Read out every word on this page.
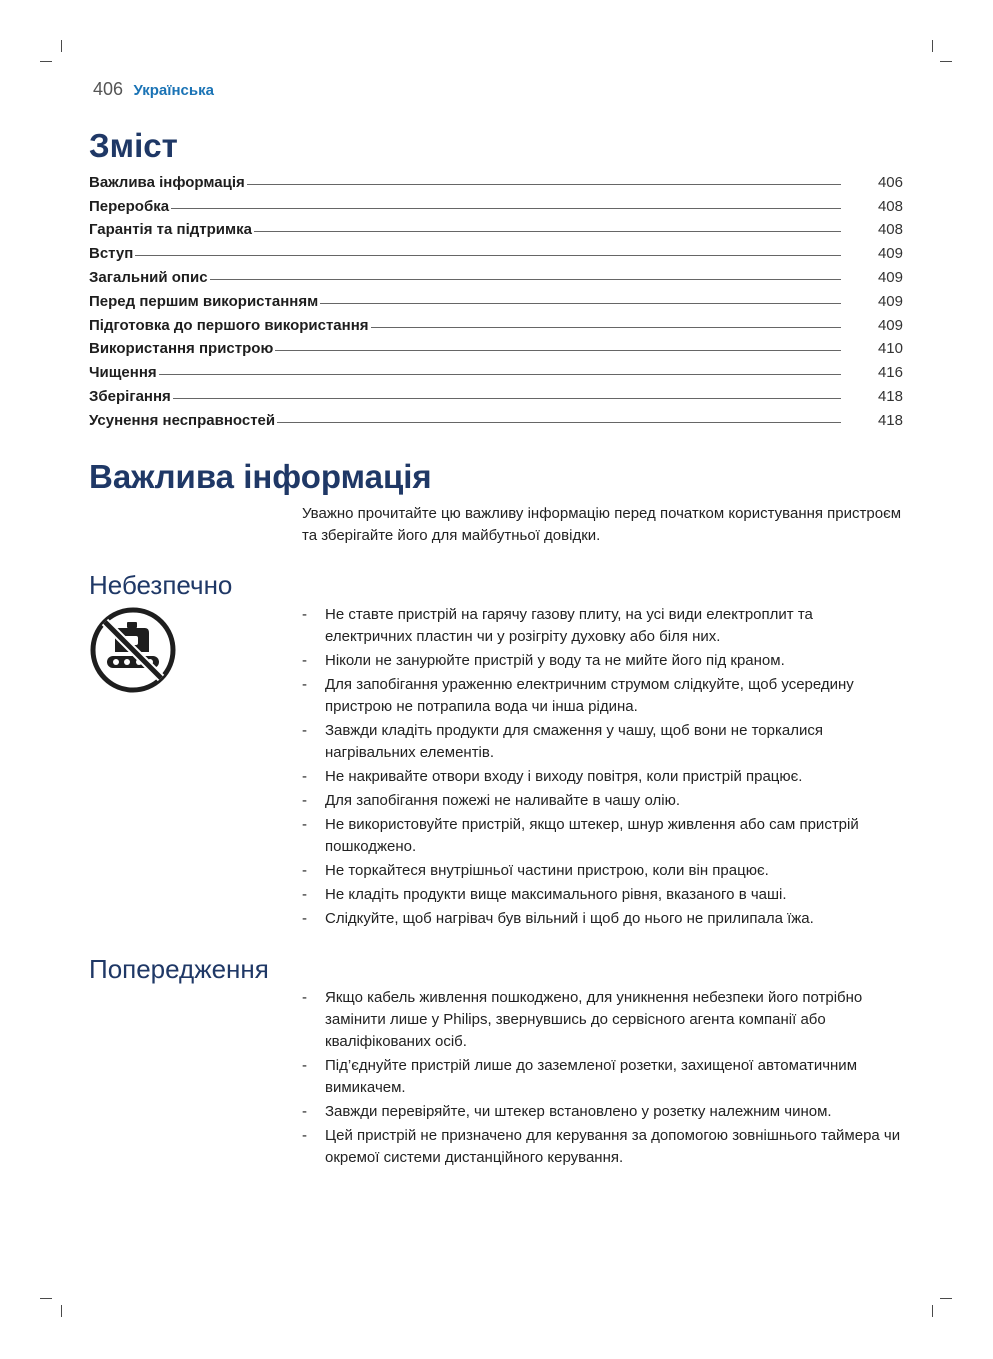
406 Українська
Зміст
Важлива інформація	406
Переробка	408
Гарантія та підтримка	408
Вступ	409
Загальний опис	409
Перед першим використанням	409
Підготовка до першого використання	409
Використання пристрою	410
Чищення	416
Зберігання	418
Усунення несправностей	418
Важлива інформація
Уважно прочитайте цю важливу інформацію перед початком користування пристроєм та зберігайте його для майбутньої довідки.
Небезпечно
- Не ставте пристрій на гарячу газову плиту, на усі види електроплит та електричних пластин чи у розігріту духовку або біля них.
- Ніколи не занурюйте пристрій у воду та не мийте його під краном.
- Для запобігання ураженню електричним струмом слідкуйте, щоб усередину пристрою не потрапила вода чи інша рідина.
- Завжди кладіть продукти для смаження у чашу, щоб вони не торкалися нагрівальних елементів.
- Не накривайте отвори входу і виходу повітря, коли пристрій працює.
- Для запобігання пожежі не наливайте в чашу олію.
- Не використовуйте пристрій, якщо штекер, шнур живлення або сам пристрій пошкоджено.
- Не торкайтеся внутрішньої частини пристрою, коли він працює.
- Не кладіть продукти вище максимального рівня, вказаного в чаші.
- Слідкуйте, щоб нагрівач був вільний і щоб до нього не прилипала їжа.
Попередження
- Якщо кабель живлення пошкоджено, для уникнення небезпеки його потрібно замінити лише у Philips, звернувшись до сервісного агента компанії або кваліфікованих осіб.
- Під’єднуйте пристрій лише до заземленої розетки, захищеної автоматичним вимикачем.
- Завжди перевіряйте, чи штекер встановлено у розетку належним чином.
- Цей пристрій не призначено для керування за допомогою зовнішнього таймера чи окремої системи дистанційного керування.
